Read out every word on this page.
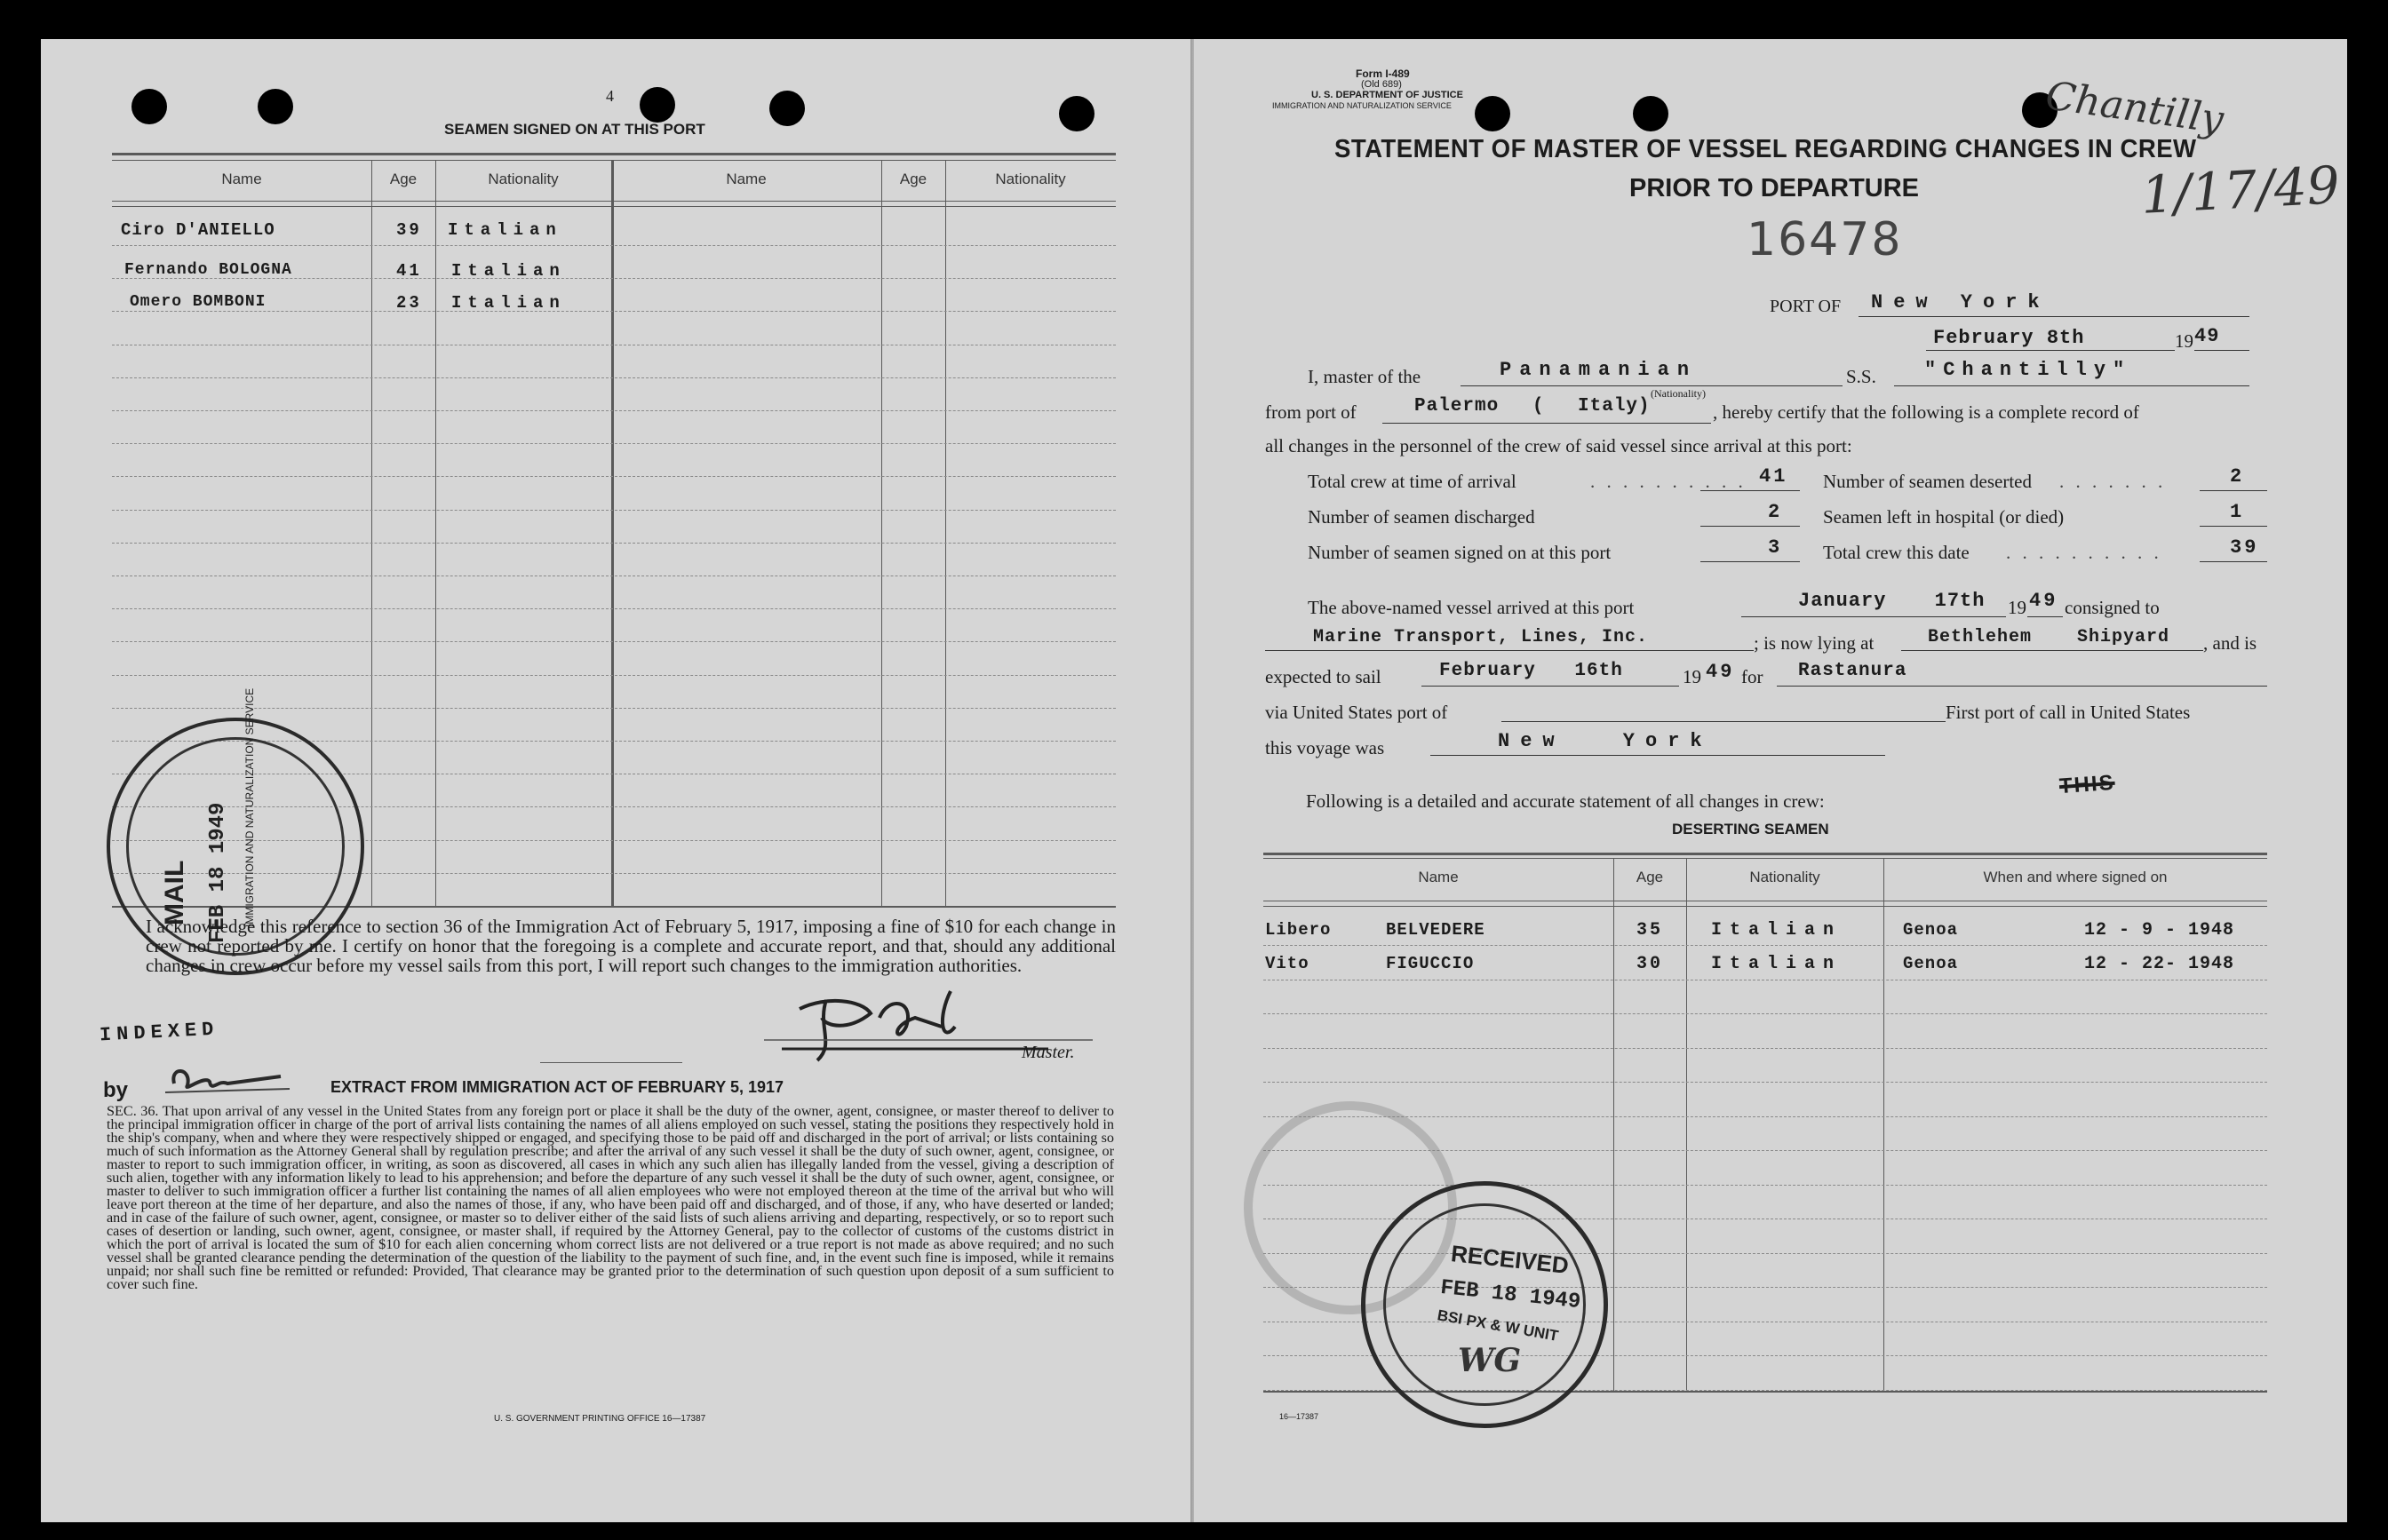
4
SEAMEN SIGNED ON AT THIS PORT
Name	Age	Nationality	Name	Age	Nationality
Ciro D'ANIELLO	39 Italian
Fernando BOLOGNA	41 Italian
Omero BOMBONI	23 Italian
MAIL FEB 18 1949 IMMIGRATION AND NATURALIZATION SERVICE
I acknowledge this reference to section 36 of the Immigration Act of February 5, 1917, imposing a fine of $10 for each change in crew not reported by me. I certify on honor that the foregoing is a complete and accurate report, and that, should any additional changes in crew occur before my vessel sails from this port, I will report such changes to the immigration authorities.
Master.
INDEXED
by	EXTRACT FROM IMMIGRATION ACT OF FEBRUARY 5, 1917
SEC. 36. That upon arrival of any vessel in the United States from any foreign port or place it shall be the duty of the owner, agent, consignee, or master thereof to deliver to the principal immigration officer in charge of the port of arrival lists containing the names of all aliens employed on such vessel, stating the positions they respectively hold in the ship's company, when and where they were respectively shipped or engaged, and specifying those to be paid off and discharged in the port of arrival; or lists containing so much of such information as the Attorney General shall by regulation prescribe; and after the arrival of any such vessel it shall be the duty of such owner, agent, consignee, or master to report to such immigration officer, in writing, as soon as discovered, all cases in which any such alien has illegally landed from the vessel, giving a description of such alien, together with any information likely to lead to his apprehension; and before the departure of any such vessel it shall be the duty of such owner, agent, consignee, or master to deliver to such immigration officer a further list containing the names of all alien employees who were not employed thereon at the time of the arrival but who will leave port thereon at the time of her departure, and also the names of those, if any, who have been paid off and discharged, and of those, if any, who have deserted or landed; and in case of the failure of such owner, agent, consignee, or master so to deliver either of the said lists of such aliens arriving and departing, respectively, or so to report such cases of desertion or landing, such owner, agent, consignee, or master shall, if required by the Attorney General, pay to the collector of customs of the customs district in which the port of arrival is located the sum of $10 for each alien concerning whom correct lists are not delivered or a true report is not made as above required; and no such vessel shall be granted clearance pending the determination of the question of the liability to the payment of such fine, and, in the event such fine is imposed, while it remains unpaid; nor shall such fine be remitted or refunded: Provided, That clearance may be granted prior to the determination of such question upon deposit of a sum sufficient to cover such fine.
U. S. GOVERNMENT PRINTING OFFICE 16—17387
Form I-489
(Old 689)
U. S. DEPARTMENT OF JUSTICE
IMMIGRATION AND NATURALIZATION SERVICE	Chantilly
1/17/49
16478
STATEMENT OF MASTER OF VESSEL REGARDING CHANGES IN CREW
PRIOR TO DEPARTURE
PORT OF New York
February 8th	19 49
I, master of the	Panamanian
(Nationality)
S.S. "Chantilly"
from port of	Palermo ( Italy)	, hereby certify that the following is a complete record of
all changes in the personnel of the crew of said vessel since arrival at this port:
Total crew at time of arrival	. . . . . . . . . . 41
Number of seamen discharged	2
Number of seamen signed on at this port	3
Number of seamen deserted . . . . . . .	2
Seamen left in hospital (or died)	1
Total crew this date . . . . . . . . . .	39
The above-named vessel arrived at this port	January 17th 19 49 consigned to
Marine Transport, Lines, Inc.	; is now lying at	Bethlehem Shipyard , and is
expected to sail	February 16th	19 49 for Rastanura
via United States port of	First port of call in United States
this voyage was	New York
Following is a detailed and accurate statement of all changes in crew:
THIS
DESERTING SEAMEN
Name	Age	Nationality	When and where signed on
Libero	BELVEDERE	35	Italian	Genoa	12 - 9 - 1948
Vito	FIGUCCIO	30	Italian	Genoa	12 - 22- 1948
RECEIVED
FEB 18 1949
BSI PX & W UNIT
WG
16—17387
